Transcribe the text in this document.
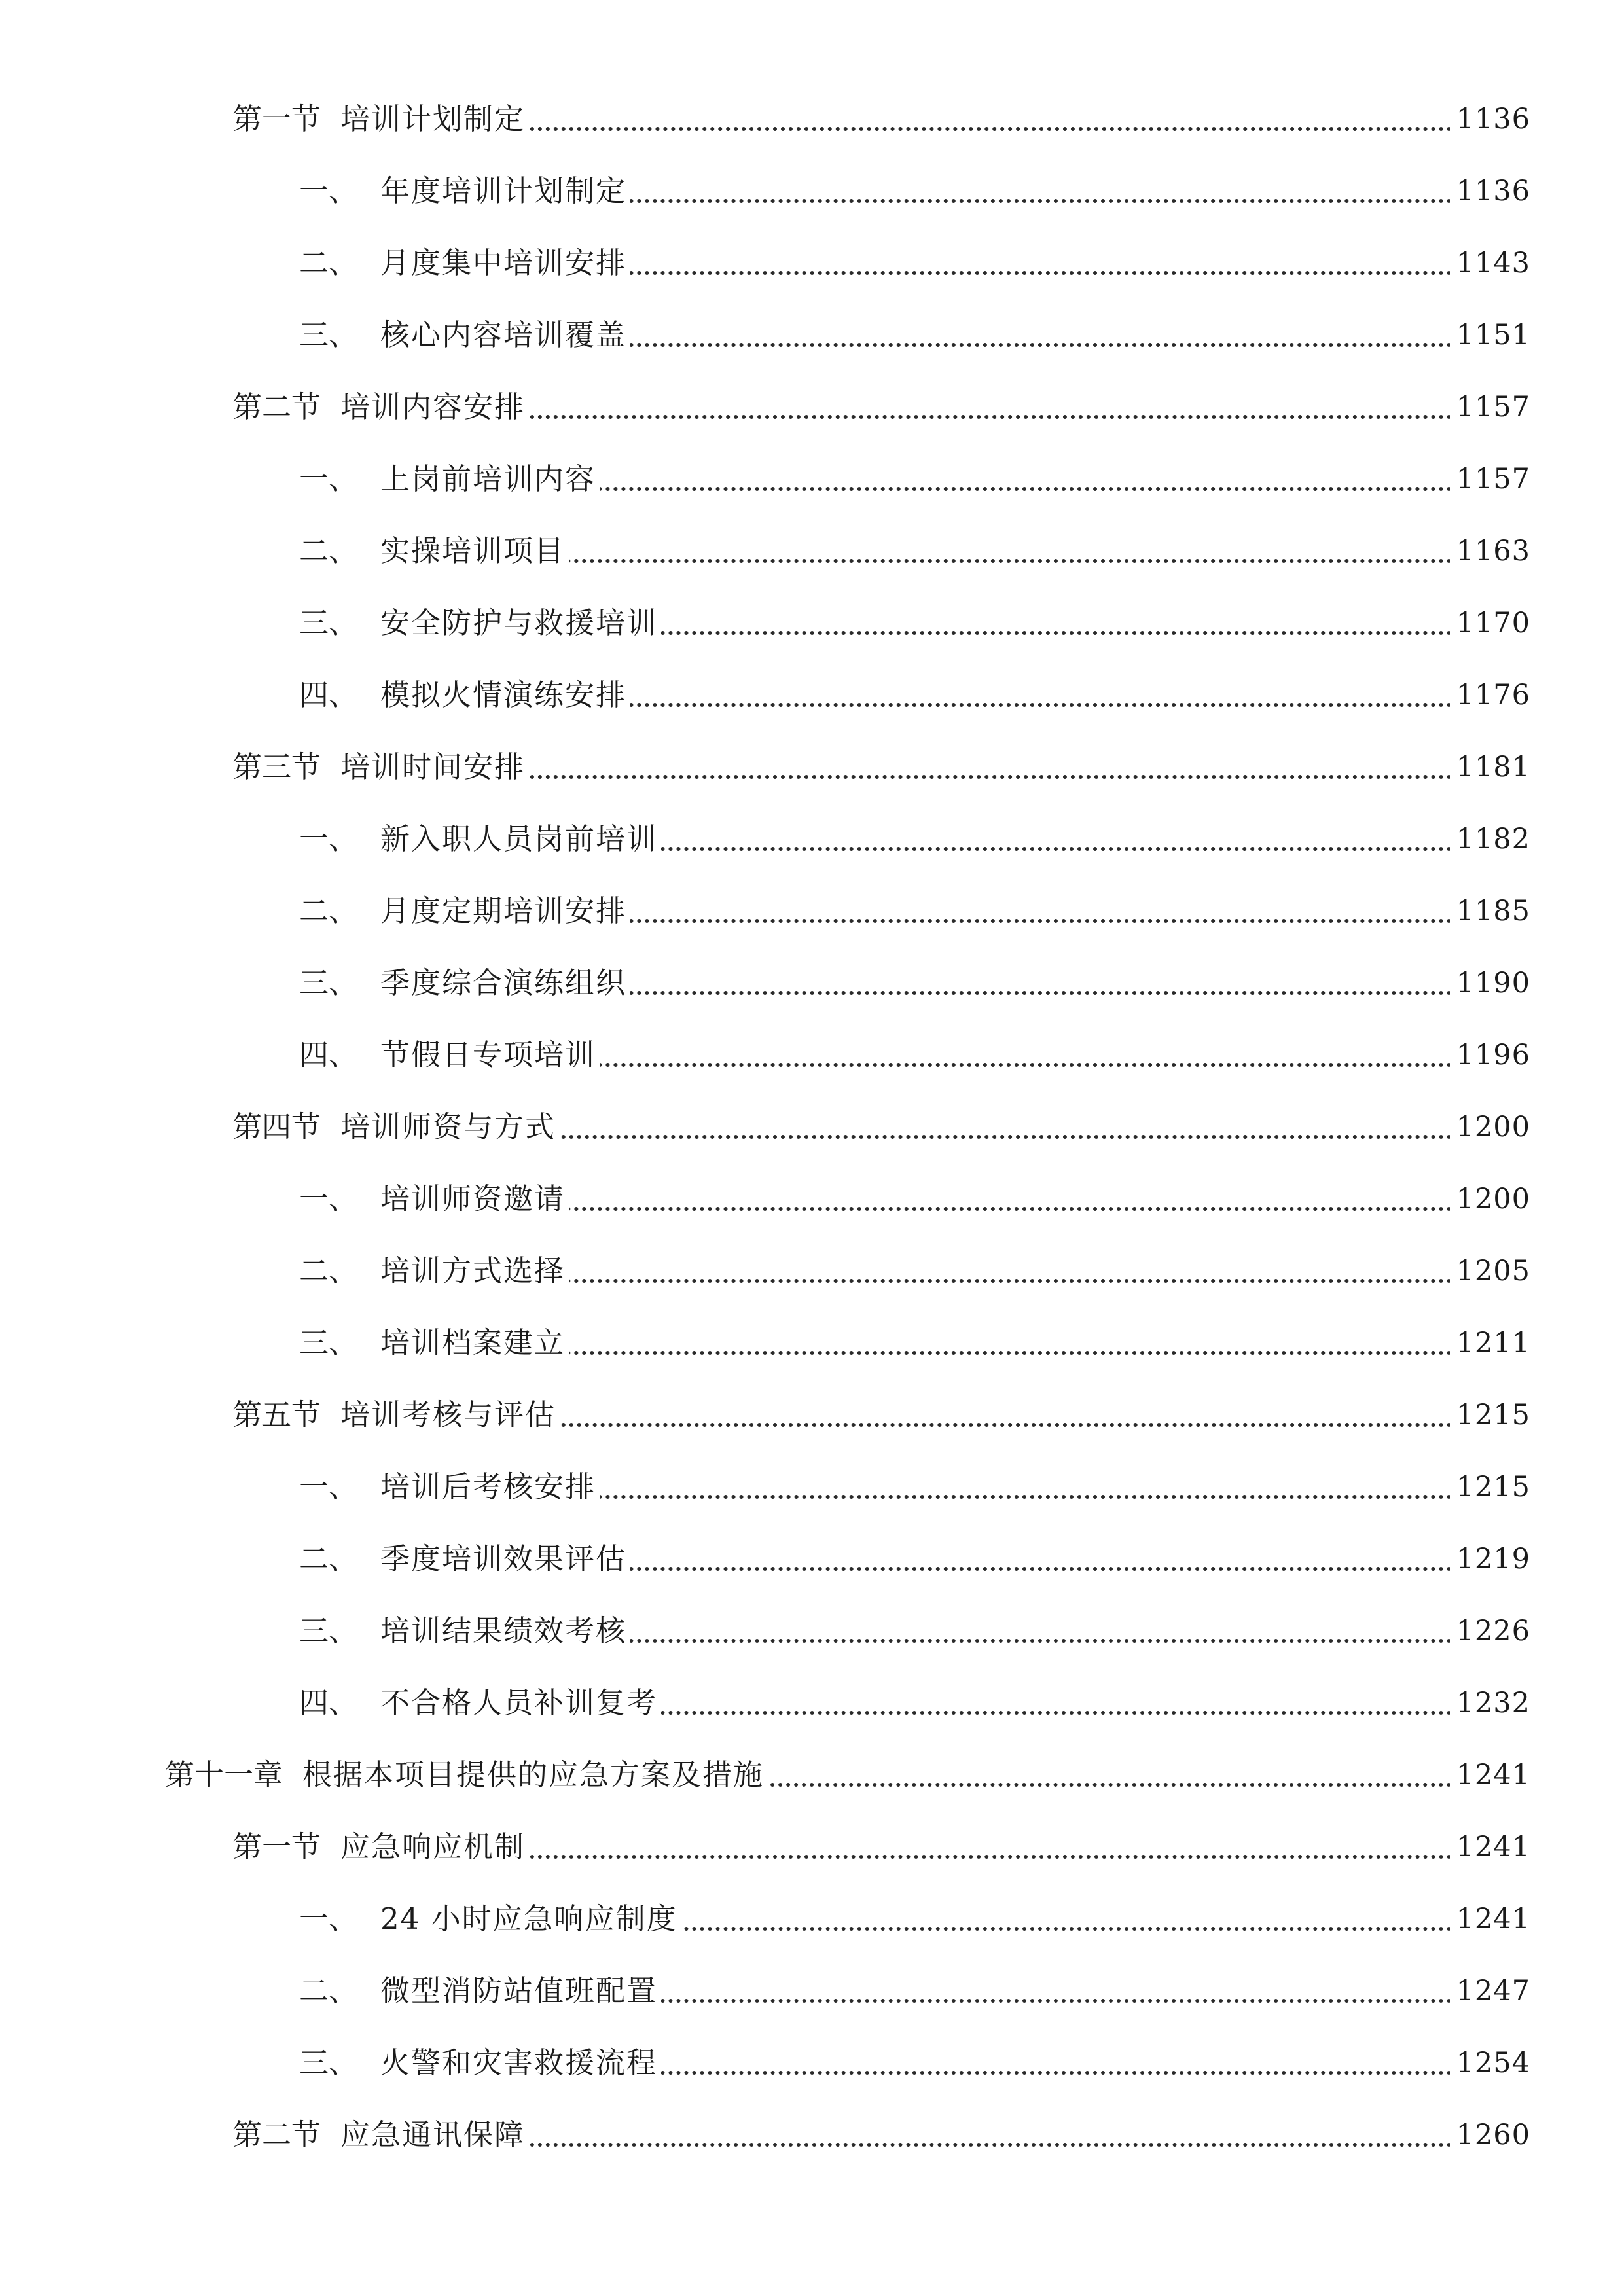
第一节 培训计划制定	1136
一、 年度培训计划制定	1136
二、 月度集中培训安排	1143
三、 核心内容培训覆盖	1151
第二节 培训内容安排	1157
一、 上岗前培训内容	1157
二、 实操培训项目	1163
三、 安全防护与救援培训	1170
四、 模拟火情演练安排	1176
第三节 培训时间安排	1181
一、 新入职人员岗前培训	1182
二、 月度定期培训安排	1185
三、 季度综合演练组织	1190
四、 节假日专项培训	1196
第四节 培训师资与方式	1200
一、 培训师资邀请	1200
二、 培训方式选择	1205
三、 培训档案建立	1211
第五节 培训考核与评估	1215
一、 培训后考核安排	1215
二、 季度培训效果评估	1219
三、 培训结果绩效考核	1226
四、 不合格人员补训复考	1232
第十一章 根据本项目提供的应急方案及措施	1241
第一节 应急响应机制	1241
一、 24 小时应急响应制度	1241
二、 微型消防站值班配置	1247
三、 火警和灾害救援流程	1254
第二节 应急通讯保障	1260
